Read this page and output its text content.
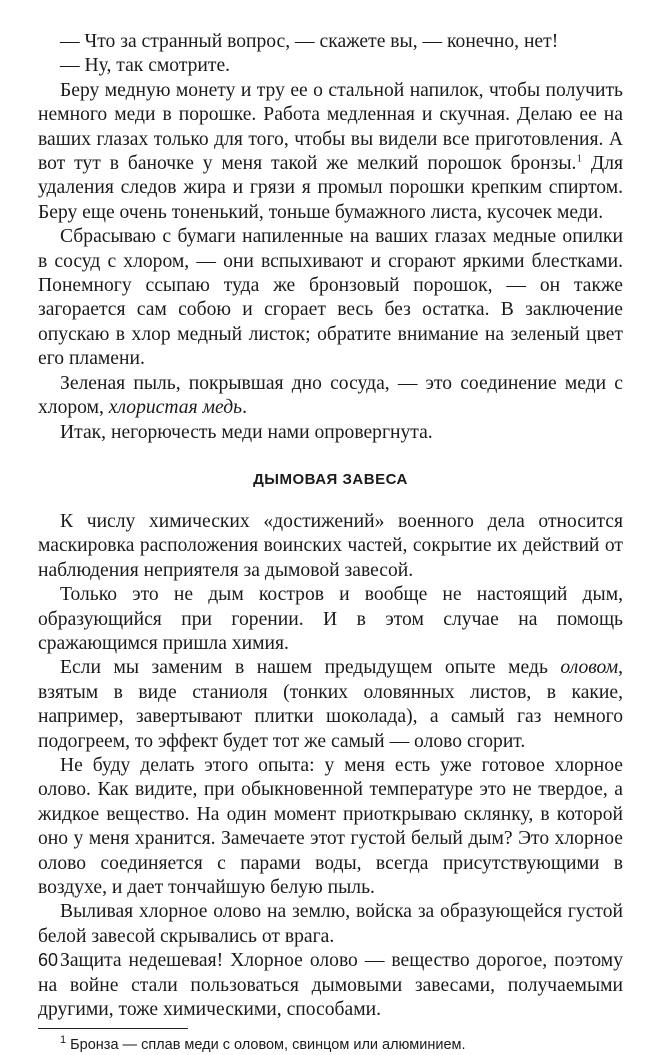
— Что за странный вопрос, — скажете вы, — конечно, нет!

— Ну, так смотрите.

Беру медную монету и тру ее о стальной напилок, чтобы получить немного меди в порошке. Работа медленная и скучная. Делаю ее на ваших глазах только для того, чтобы вы видели все приготовления. А вот тут в баночке у меня такой же мелкий порошок бронзы.$^1$ Для удаления следов жира и грязи я промыл порошки крепким спиртом. Беру еще очень тоненький, тоньше бумажного листа, кусочек меди.

Сбрасываю с бумаги напиленные на ваших глазах медные опилки в сосуд с хлором, — они вспыхивают и сгорают яркими блестками. Понемногу ссыпаю туда же бронзовый порошок, — он также загорается сам собою и сгорает весь без остатка. В заключение опускаю в хлор медный листок; обратите внимание на зеленый цвет его пламени.

Зеленая пыль, покрывшая дно сосуда, — это соединение меди с хлором, хлористая медь.

Итак, негорючесть меди нами опровергнута.

ДЫМОВАЯ ЗАВЕСА

К числу химических «достижений» военного дела относится маскировка расположения воинских частей, сокрытие их действий от наблюдения неприятеля за дымовой завесой.

Только это не дым костров и вообще не настоящий дым, образующийся при горении. И в этом случае на помощь сражающимся пришла химия.

Если мы заменим в нашем предыдущем опыте медь оловом, взятым в виде станиоля (тонких оловянных листов, в какие, например, завертывают плитки шоколада), а самый газ немного подогреем, то эффект будет тот же самый — олово сгорит.

Не буду делать этого опыта: у меня есть уже готовое хлорное олово. Как видите, при обыкновенной температуре это не твердое, а жидкое вещество. На один момент приоткрываю склянку, в которой оно у меня хранится. Замечаете этот густой белый дым? Это хлорное олово соединяется с парами воды, всегда присутствующими в воздухе, и дает тончайшую белую пыль.

Выливая хлорное олово на землю, войска за образующейся густой белой завесой скрывались от врага.

Защита недешевая! Хлорное олово — вещество дорогое, поэтому на войне стали пользоваться дымовыми завесами, получаемыми другими, тоже химическими, способами.

$^1$ Бронза — сплав меди с оловом, свинцом или алюминием.

60
